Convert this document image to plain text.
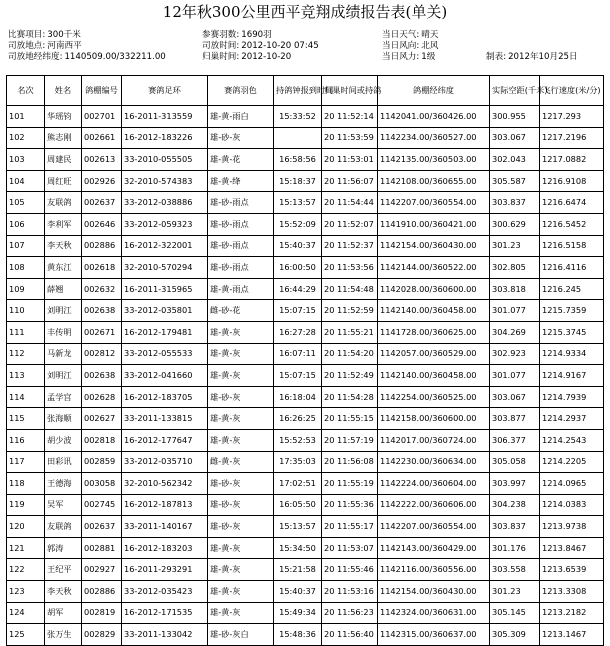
12年秋300公里西平竞翔成绩报告表(单关)
比赛项目: 300千米
司放地点: 河南西平
司放地经纬度: 1140509.00/332211.00
参赛羽数: 1690羽
司放时间: 2012-10-20 07:45
归巢时间: 2012-10-20
当日天气: 晴天
当日风向: 北风
当日风力: 1级	制表: 2012年10月25日
名次	姓名	鸽棚编号	赛鸽足环	赛鸽羽色	持鸽钟报到时间	归巢时间或持鸽	鸽棚经纬度	实际空距(千米)	飞行速度(米/分)
101	华瑶钧	002701	16-2011-313559	雄-黄-雨白	15:33:52	20 11:52:14	1142041.00/360426.00	300.955	1217.293
102	熊志刚	002661	16-2012-183226	雄-砂-灰		20 11:53:59	1142234.00/360527.00	303.067	1217.2196
103	周建民	002613	33-2010-055505	雄-黄-花	16:58:56	20 11:53:01	1142135.00/360503.00	302.043	1217.0882
104	周红旺	002926	32-2010-574383	雄-黄-绛	15:18:37	20 11:56:07	1142108.00/360655.00	305.587	1216.9108
105	友联鸽	002637	33-2012-038886	雄-砂-雨点	15:13:57	20 11:54:44	1142207.00/360554.00	303.837	1216.6474
106	李利军	002646	33-2012-059323	雄-砂-雨点	15:52:09	20 11:52:07	1141910.00/360421.00	300.629	1216.5452
107	李天秋	002886	16-2012-322001	雄-砂-雨点	15:40:37	20 11:52:37	1142154.00/360430.00	301.23	1216.5158
108	黄东江	002618	32-2010-570294	雄-砂-雨点	16:00:50	20 11:53:56	1142144.00/360522.00	302.805	1216.4116
109	薛翘	002632	16-2011-315965	雄-黄-雨点	16:44:29	20 11:54:48	1142028.00/360600.00	303.818	1216.245
110	刘明江	002638	33-2012-035801	雌-砂-花	15:07:15	20 11:52:59	1142140.00/360458.00	301.077	1215.7359
111	丰传明	002671	16-2012-179481	雄-黄-灰	16:27:28	20 11:55:21	1141728.00/360625.00	304.269	1215.3745
112	马新龙	002812	33-2012-055533	雄-黄-灰	16:07:11	20 11:54:20	1142057.00/360529.00	302.923	1214.9334
113	刘明江	002638	33-2012-041660	雄-黄-灰	15:07:15	20 11:52:49	1142140.00/360458.00	301.077	1214.9167
114	孟学宫	002628	16-2012-183705	雄-砂-灰	16:18:04	20 11:54:28	1142254.00/360525.00	303.067	1214.7939
115	张海顺	002627	33-2011-133815	雄-黄-灰	16:26:25	20 11:55:15	1142158.00/360600.00	303.877	1214.2937
116	胡少波	002818	16-2012-177647	雄-黄-灰	15:52:53	20 11:57:19	1142017.00/360724.00	306.377	1214.2543
117	田彩讯	002859	33-2012-035710	雌-黄-灰	17:35:03	20 11:56:08	1142230.00/360634.00	305.058	1214.2205
118	王德海	003058	32-2010-562342	雄-砂-灰	17:02:51	20 11:55:19	1142224.00/360604.00	303.997	1214.0965
119	吴军	002745	16-2012-187813	雄-砂-灰	16:05:50	20 11:55:36	1142222.00/360606.00	304.238	1214.0383
120	友联鸽	002637	33-2011-140167	雄-砂-灰	15:13:57	20 11:55:17	1142207.00/360554.00	303.837	1213.9738
121	郭涛	002881	16-2012-183203	雄-黄-灰	15:34:50	20 11:53:07	1142143.00/360429.00	301.176	1213.8467
122	王纪平	002927	16-2011-293291	雄-黄-灰	15:21:58	20 11:55:46	1142116.00/360556.00	303.558	1213.6539
123	李天秋	002886	33-2012-035423	雄-黄-灰	15:40:37	20 11:53:16	1142154.00/360430.00	301.23	1213.3308
124	胡军	002819	16-2012-171535	雄-黄-灰	15:49:34	20 11:56:23	1142324.00/360631.00	305.145	1213.2182
125	张万生	002829	33-2011-133042	雄-砂-灰白	15:48:36	20 11:56:40	1142315.00/360637.00	305.309	1213.1467
